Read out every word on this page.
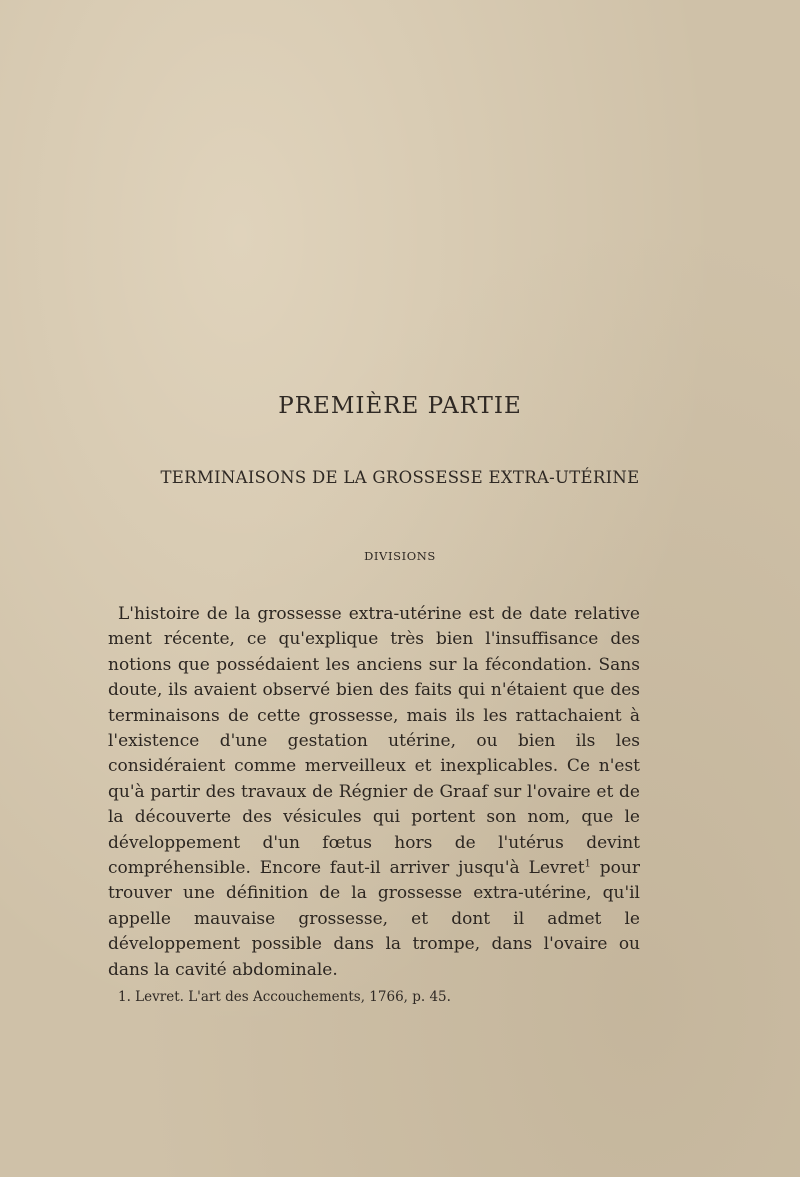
PREMIÈRE PARTIE
TERMINAISONS DE LA GROSSESSE EXTRA-UTÉRINE
DIVISIONS

L'histoire de la grossesse extra-utérine est de date relative ment récente, ce qu'explique très bien l'insuffisance des notions que possédaient les anciens sur la fécondation. Sans doute, ils avaient observé bien des faits qui n'étaient que des terminaisons de cette grossesse, mais ils les rattachaient à l'existence d'une gestation utérine, ou bien ils les considéraient comme merveilleux et inexplicables. Ce n'est qu'à partir des travaux de Régnier de Graaf sur l'ovaire et de la découverte des vésicules qui portent son nom, que le développement d'un fœtus hors de l'utérus devint compréhensible. Encore faut-il arriver jusqu'à Levret$^1$ pour trouver une définition de la grossesse extra-utérine, qu'il appelle mauvaise grossesse, et dont il admet le développement possible dans la trompe, dans l'ovaire ou dans la cavité abdominale.

1. Levret. L'art des Accouchements, 1766, p. 45.
